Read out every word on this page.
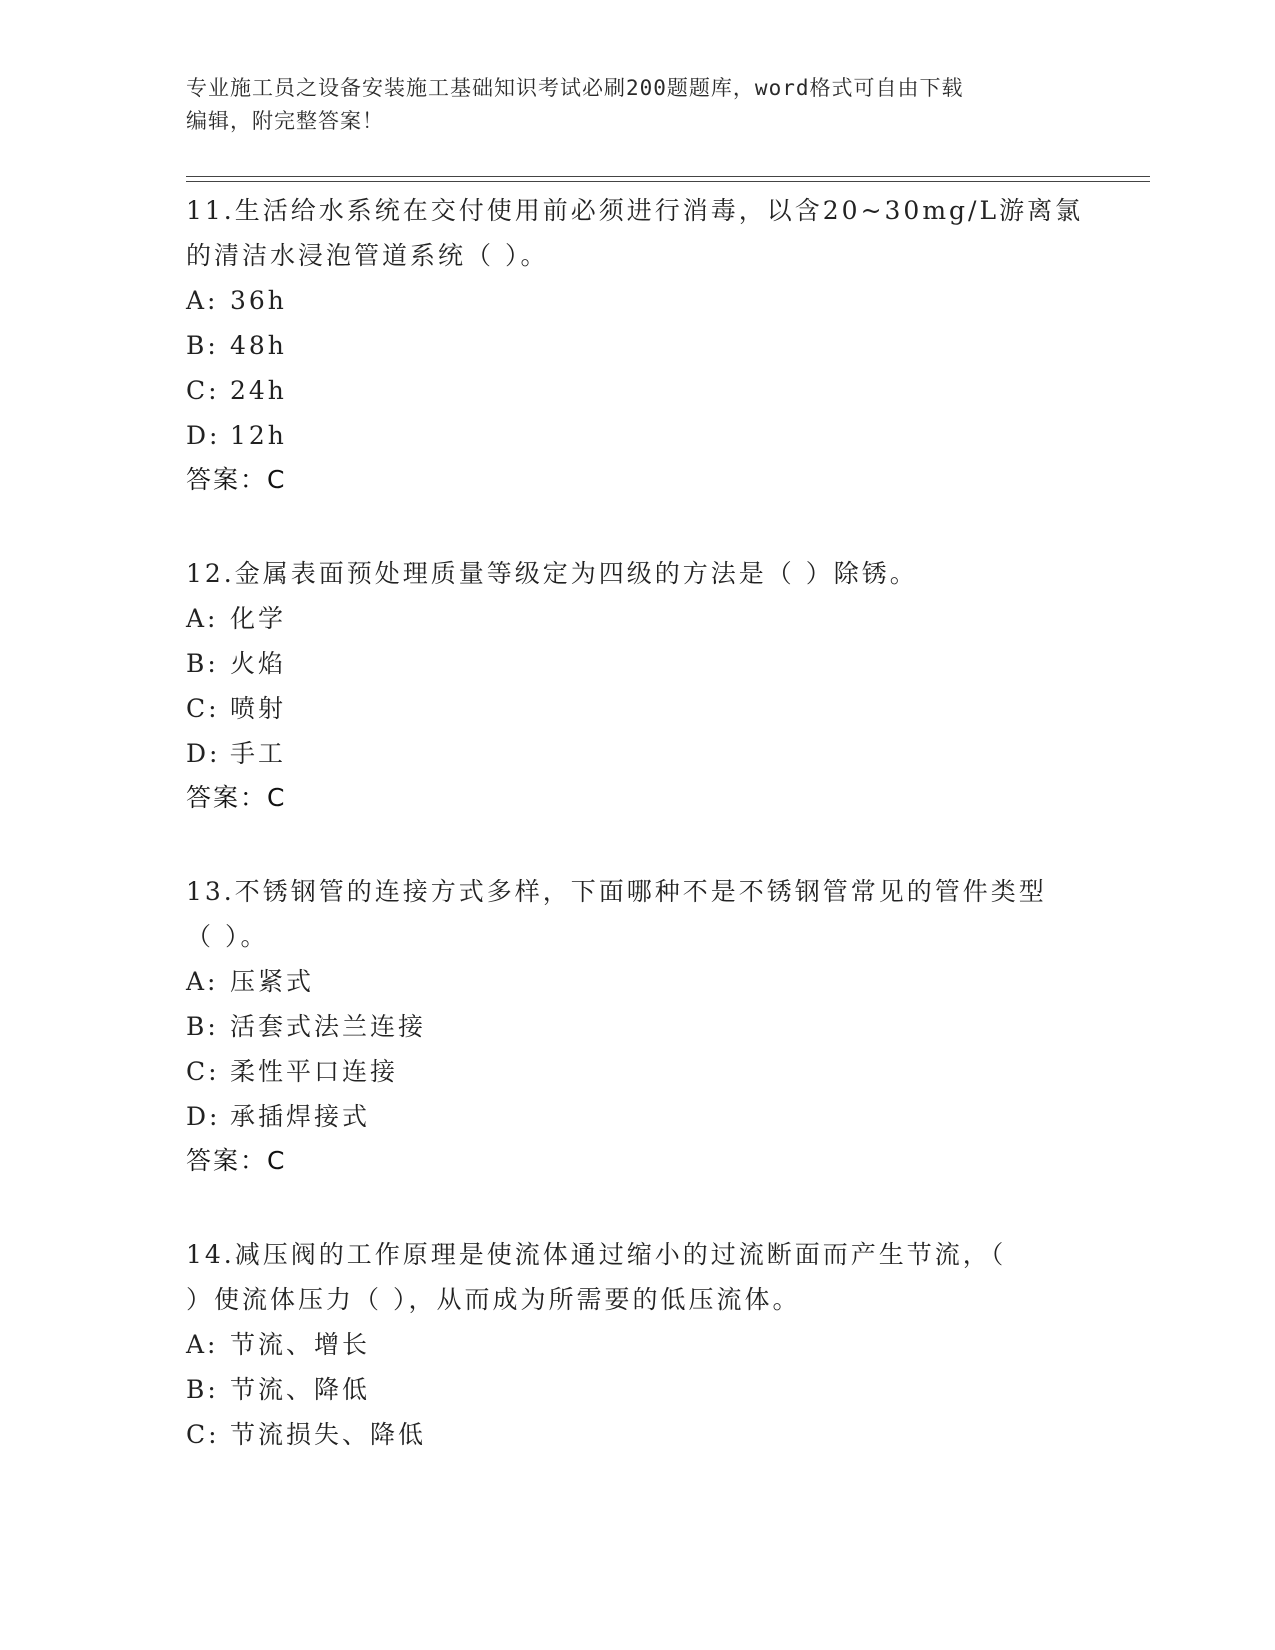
专业施工员之设备安装施工基础知识考试必刷200题题库，word格式可自由下载
编辑，附完整答案！
11.生活给水系统在交付使用前必须进行消毒，以含20~30mg/L游离氯
的清洁水浸泡管道系统（ ）。
A: 36h
B: 48h
C: 24h
D: 12h
答案：C
12.金属表面预处理质量等级定为四级的方法是（ ）除锈。
A: 化学
B: 火焰
C: 喷射
D: 手工
答案：C
13.不锈钢管的连接方式多样，下面哪种不是不锈钢管常见的管件类型
（ ）。
A: 压紧式
B: 活套式法兰连接
C: 柔性平口连接
D: 承插焊接式
答案：C
14.减压阀的工作原理是使流体通过缩小的过流断面而产生节流，（
）使流体压力（ ），从而成为所需要的低压流体。
A: 节流、增长
B: 节流、降低
C: 节流损失、降低
